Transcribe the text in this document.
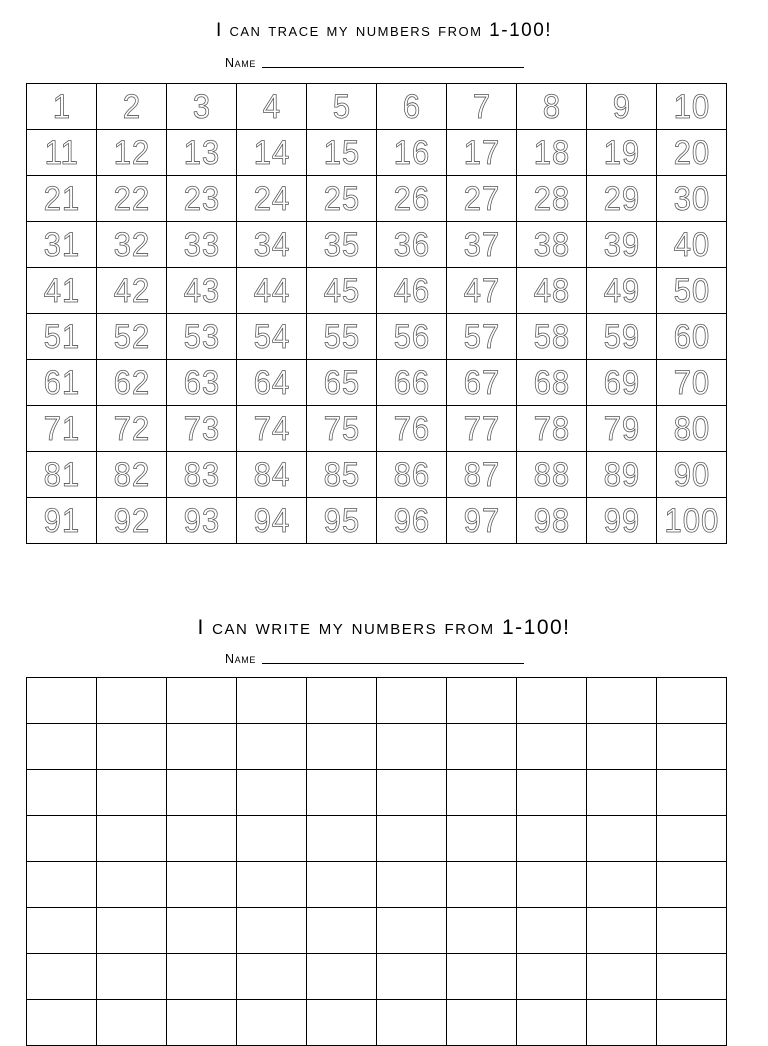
I can trace my numbers from 1-100!
Name
1	2	3	4	5	6	7	8	9	10
11	12	13	14	15	16	17	18	19	20
21	22	23	24	25	26	27	28	29	30
31	32	33	34	35	36	37	38	39	40
41	42	43	44	45	46	47	48	49	50
51	52	53	54	55	56	57	58	59	60
61	62	63	64	65	66	67	68	69	70
71	72	73	74	75	76	77	78	79	80
81	82	83	84	85	86	87	88	89	90
91	92	93	94	95	96	97	98	99	100
I can write my numbers from 1-100!
Name
